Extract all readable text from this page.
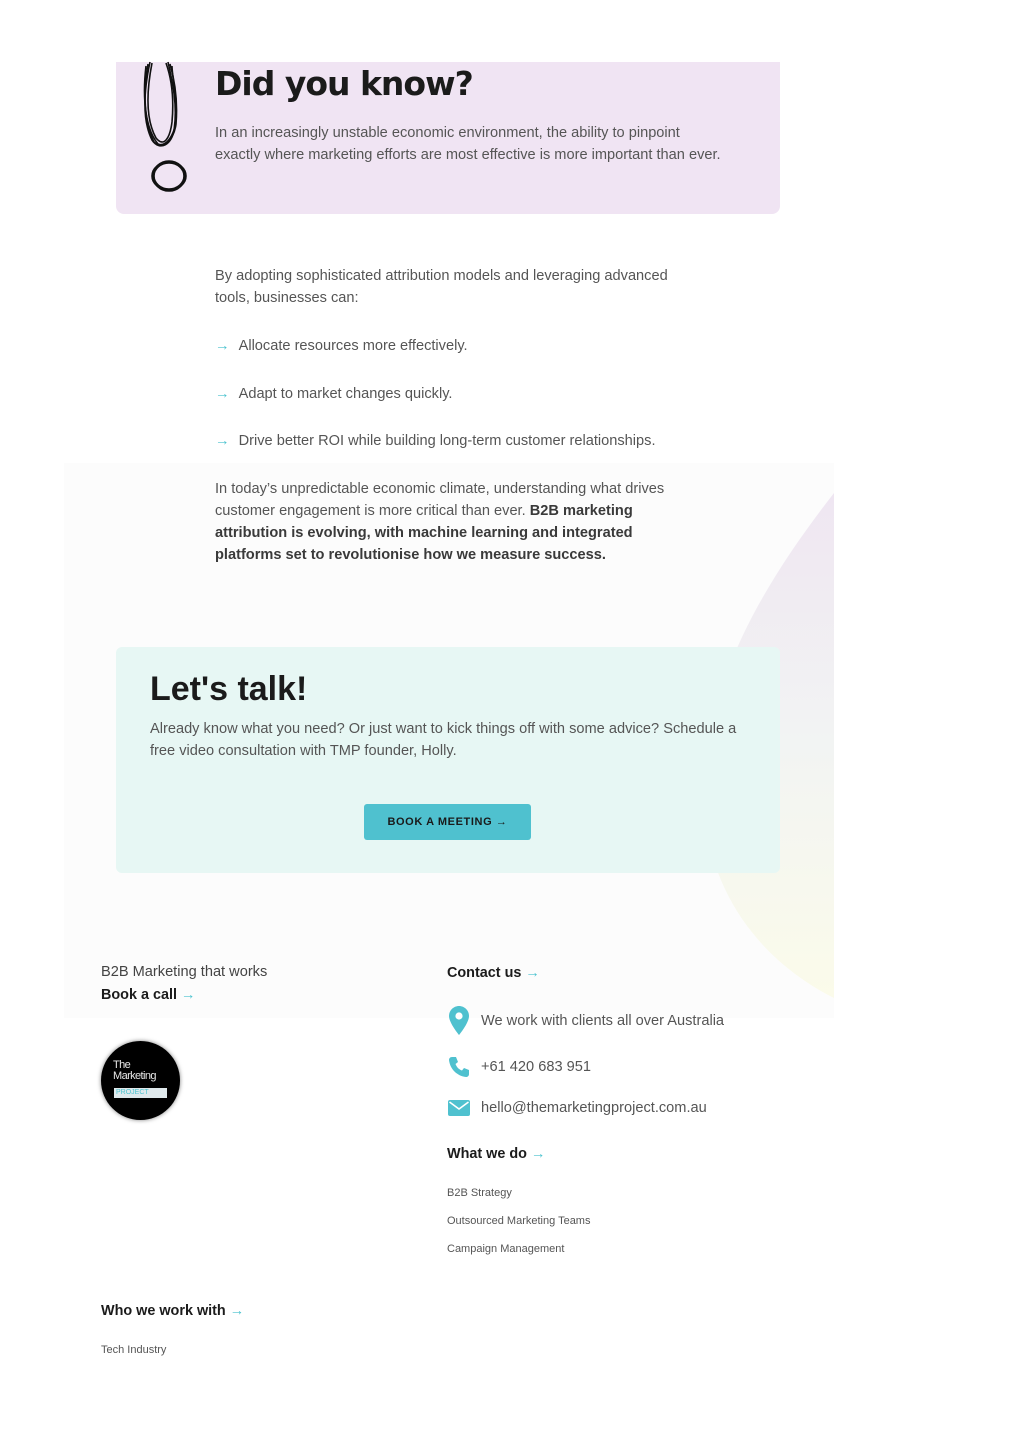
Did you know?
In an increasingly unstable economic environment, the ability to pinpoint exactly where marketing efforts are most effective is more important than ever.
By adopting sophisticated attribution models and leveraging advanced tools, businesses can:
→ Allocate resources more effectively.
→ Adapt to market changes quickly.
→ Drive better ROI while building long-term customer relationships.
In today’s unpredictable economic climate, understanding what drives customer engagement is more critical than ever. B2B marketing attribution is evolving, with machine learning and integrated platforms set to revolutionise how we measure success.
Let's talk!
Already know what you need? Or just want to kick things off with some advice? Schedule a free video consultation with TMP founder, Holly.
BOOK A MEETING →
B2B Marketing that works
Book a call →
The
Marketing
PROJECT
Contact us →
We work with clients all over Australia
+61 420 683 951
hello@themarketingproject.com.au
What we do →
B2B Strategy
Outsourced Marketing Teams
Campaign Management
Who we work with →
Tech Industry
